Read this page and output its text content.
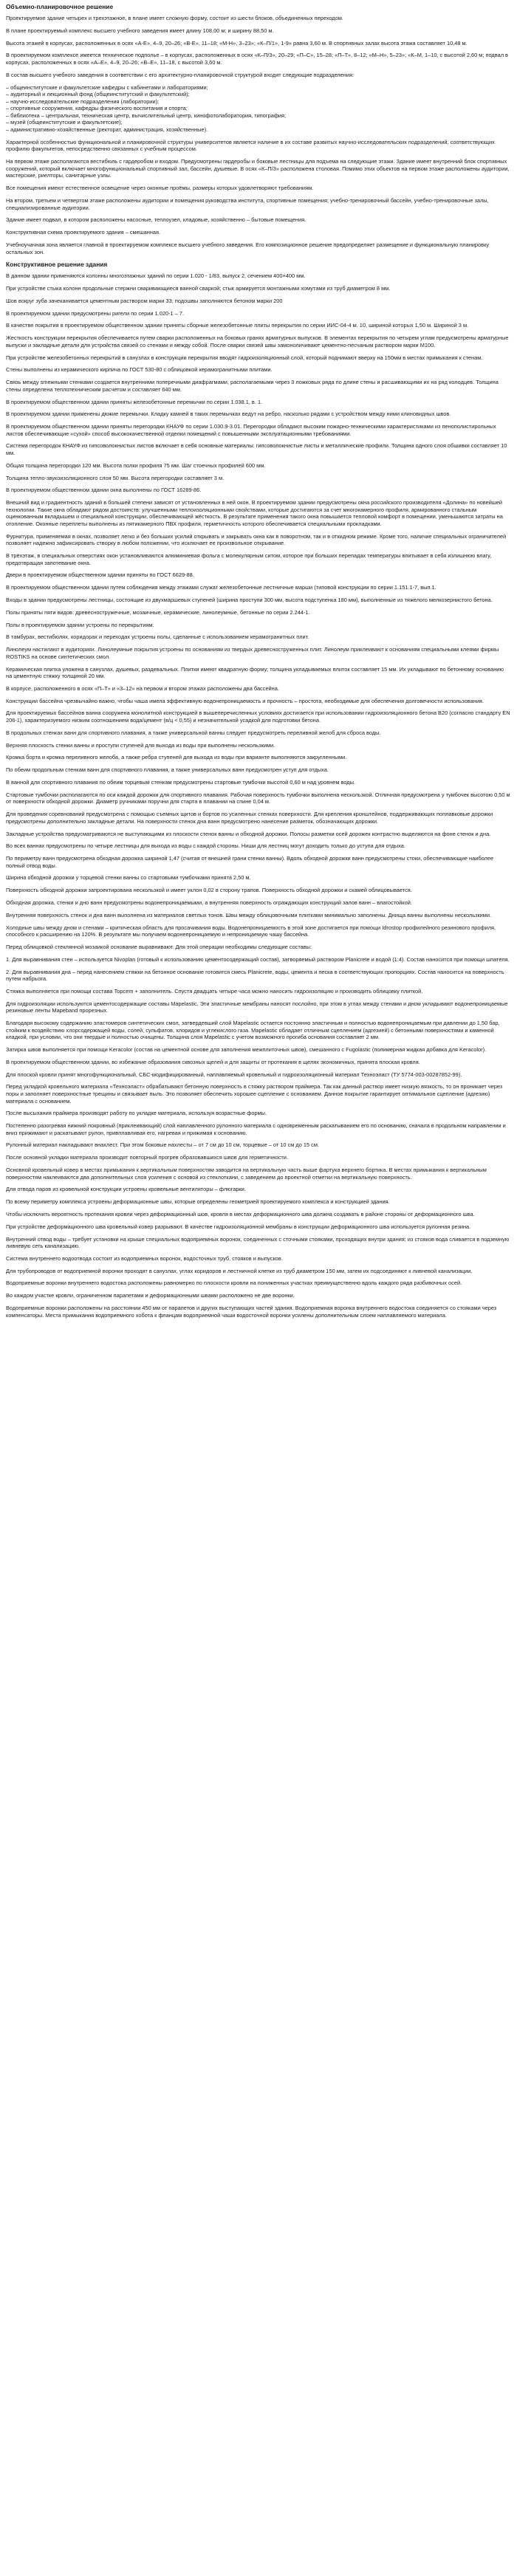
Объемно-планировочное решение

Проектируемое здание четырех и трехэтажное, в плане имеет сложную форму, состоит из шести блоков, объединенных переходом.

В плане проектируемый комплекс высшего учебного заведения имеет длину 108,00 м; и ширину 88,50 м.

Высота этажей в корпусах, расположенных в осях «А-Е», 4–9, 20–26; «В-Е», 11–18; «М-Н», 3–23»; «К–П/1», 1-9» равна 3,60 м. В спортивных залах высота этажа составляет 10,48 м.

В проектируемом комплексе имеется техническое подполье – в корпусах, расположенных в осях «К–П/3», 20–29; «П–С», 15–28; «П–Т», 8–12; «М–Н», 5–23»; «К–М, 1–10, с высотой 2,60 м; подвал в корпусах, расположенных в осях «А–Е», 4–9, 20–26; «В–Е», 11–18, с высотой 3,60 м.

В состав высшего учебного заведения в соответствии с его архитектурно-планировочной структурой входят следующие подразделения:

– общеинститутские и факультетские кафедры с кабинетами и лабораториями;
– аудиторный и лекционный фонд (общеинститутский и факультетский);
– научно-исследовательские подразделения (лаборатории);
– спортивные сооружения, кафедры физического воспитания и спорта;
– библиотека – центральная, техническая центр, вычислительный центр, кинофотолаборатория, типография;
– музей (общеинститутские и факультетские);
– административно-хозяйственные (ректорат, администрация, хозяйственные).

Характерной особенностью функциональной и планировочной структуры университетов является наличие в их составе развитых научно-исследовательских подразделений, соответствующих профилю факультетов, непосредственно связанных с учебным процессом.

На первом этаже располагаются вестибюль с гардеробом и входом. Предусмотрены гардеробы и боковые лестницы для подъема на следующие этажи. Здание имеет внутренний блок спортивных сооружений, который включает многофункциональный спортивный зал, бассейн, душевые. В осях «К–П/3» расположена столовая. Помимо этих объектов на первом этаже расположены аудитории, мастерские, риелторы, санитарные узлы.

Все помещения имеют естественное освещение через оконные проёмы, размеры которых удовлетворяют требованиям.

На втором, третьем и четвертом этаже расположены аудитории и помещения руководства института, спортивные помещения; учебно-тренировочный бассейн, учебно-тренировочные залы, специализированные аудитории.

Здание имеет подвал, в котором расположены насосные, теплоузел, кладовые, хозяйственно – бытовые помещения.

Конструктивная схема проектируемого здания – смешанная.

Учебноучачная зона является главной в проектируемом комплексе высшего учебного заведения. Его композиционное решение предопределяет размещение и функциональную планировку остальных зон.

Конструктивное решение здания

В данном здании применяются колонны многоэтажных зданий по серии 1.020 - 1/83, выпуск 2, сечением 400×400 мм.

При устройстве стыка колонн продольные стержни сваривающиеся ванной сваркой; стык армируется монтажными хомутами из труб диаметром 8 мм.

Шов вокруг зуба зачеканивается цементным раствором марки 33; подошвы заполняются бетоном марки 200

В проектируемом здании предусмотрены ригели по серии 1.020-1 – 7.

В качестве покрытия в проектируемом общественном здании приняты сборные железобетонные плиты перекрытия по серии ИИС-04-4 м. 10, шириной которых 1,50 м. Шириной 3 м.

Жесткость конструкции перекрытия обеспечивается путем сварки расположенных на боковых гранях арматурных выпусков. В элементах перекрытия по четырем углам предусмотрены арматурные выпуски и закладные детали для устройства связей со стенами и между собой. После сварки связей швы замоноличивают цементно-песчаным раствором марки М100.

При устройстве железобетонных перекрытий в санузлах в конструкции перекрытия вводят гидроизоляционный слой, который поднимают вверху на 150мм в местах примыкания к стенам.

Стены выполнены из керамического кирпича по ГОСТ 530-80 с облицовкой керамогранитными плитами.

Связь между smежными стенками создается внутренними поперечными диафрагмами, располагаемыми через 3 ложковых ряда по длине стены и расшивающими их на ряд колодцев. Толщина стены определена теплотехническим расчетом и составляет 640 мм.

В проектируемом общественном здании приняты железобетонные перемычки по серии 1.038.1, в. 1.

В проектируемом здании применены дюжие перемычки. Кладку камней в таких перемычках ведут на ребро, насколько рядами с устройством между ними клиновидных швов.

В проектируемом общественном здании приняты перегородки КНАУФ по серии 1.030.9-3.01. Перегородки обладают высоким пожарно-техническими характеристиками из пенополистирольных листов обеспечивающие «сухой» способ высококачественной отделки помещений с повышенными эксплуатационными требованиями.

Система перегородок КНАУФ из гипсоволокнистых листов включает в себя основные материалы: гипсоволокнистые листы и металлические профили. Толщина одного слоя обшивки составляет 10 мм.

Общая толщина перегородки 120 мм. Высота полки профиля 75 мм. Шаг стоечных профилей 600 мм.

Толщина тепло-звукоизоляционного слоя 50 мм. Высота перегородки составляет 3 м.

В проектируемом общественном здании окна выполнены по ГОСТ 16289-86.

Внешний вид и градиентность зданий в большей степени зависят от установленных в ней окон. В проектируемом здании предусмотрены окна российского производителя «Долина» по новейшей технологии. Такие окна обладают рядом достоинств: улучшенными теплоизоляционными свойствами, которые достигаются за счет многокамерного профиля, армированного стальным оцинкованным вкладышем и специальной конструкции, обеспечивающей жёсткость. В результате применения такого окна повышается тепловой комфорт в помещении, уменьшаются затраты на отопление. Оконные переплеты выполнены из пятикамерного ПВХ профиля, герметичность которого обеспечивается специальными прокладками.

Фурнитура, применяемая в окнах, позволяет легко и без больших усилий открывать и закрывать окна как в поворотном, так и в откидном режиме. Кроме того, наличие специальных ограничителей позволяет надежно зафиксировать створку в любом положении, что исключает ее произвольное открывание.

В трёхэтаж, в специальных отверстиях окон установливаются алюминиевая фольга с молекулярным ситом, которое при больших перепадах температуры впитывает в себя излишнюю влагу, предотвращая запотевание окна.

Двери в проектируемом общественном здании приняты по ГОСТ 6629-88.

В проектируемом общественном здании путем соблюдения между этажами служат железобетонные лестничные марши (типовой конструкции по серии 1.151.1-7, вып.1.

Входы в здании предусмотрены лестницы, состоящие из двухмаршевых ступеней (ширина проступи 300 мм, высота подступенка 180 мм), выполненные из тяжелого мелкозернистого бетона.

Полы приняты пяти видов: древесностружечные, мозаичные, керамические, линолеумные, бетонные по серии 2.244-1.

Полы в проектируемом здании устроены по перекрытиям.

В тамбурах, вестибюлях, коридорах и переходах устроены полы, сделанные с использованием керамогранитных плит.

Линолеум настилают в аудиториях. Линолеумные покрытия устроены по основаниям из твердых древесноструженных плит. Линолеум приклеивают к основаниям специальными клеями фирмы ROSTIKS на основе синтетических смол.

Керамическая плитка уложена в санузлах, душевых, раздевальных. Плитки имеют квадратную форму; толщина укладываемых плиток составляет 15 мм. Их укладывают по бетонному основанию на цементную стяжку толщиной 20 мм.

В корпусе, расположенного в осях «П–Т» и «3–12» на первом и втором этажах расположены два бассейна.

Конструкции бассейна чрезвычайно важно, чтобы чаша имела эффективную водонепроницаемость и прочность – простота, необходимые для обеспечения долговечности использования.

Для проектируемых бассейнов ванна сооружена монолитной конструкцией в вышеперечисленных условиях достигается при использовании гидроизоляционного бетона В20 (согласно стандарту EN 206-1), характеризуемого низким соотношением вода/цемент (в/ц < 0,55) и незначительной усадкой для подготовки бетона.

В продольных стенках ванн для спортивного плавания, а также универсальной ванны следует предусмотреть переливной желоб для сброса воды.

Верхняя плоскость стенки ванны и проступи ступеней для выхода из воды при выполнены нескользкими.

Кромка борта и кромка переливного желоба, а также ребра ступеней для выхода из воды при варианте выполняются закругленными.

По обеим продольным стенкам ванн для спортивного плавания, а также универсальных ванн предусмотрен уступ для отдыха.

В ванной для спортивного плавания по обеим торцевым стенкам предусмотрены стартовые тумбочки высотой 0,60 м над уровнем воды.

Стартовые тумбочки располагаются по оси каждой дорожки для спортивного плавания. Рабочая поверхность тумбочки выполнена нескользкой. Отличная предусмотрена у тумбочек высотою 0,50 м от поверхности обходной дорожки. Диаметр ручниками поручни для старта в плавании на спине 0,04 м.

Для проведения соревнований предусмотрена с помощью съемных щитов и бортов по усиленных стенках поверхности. Для крепления кронштейнов, поддерживающих поплавковые дорожки предусмотрены дополнительно закладные детали. На поверхности стенок дна ванн предусмотрено нанесение разметок, обозначающих дорожки.

Закладные устройства предусматриваются не выступающими из плоскости стенок ванны и обходной дорожки. Полосы разметки осей дорожек контрастно выделяются на фоне стенок и дна.

Во всех ваннах предусмотрены по четыре лестницы для выхода из воды с каждой стороны. Ниши для лестниц могут доходить только до уступа для отдыха.

По периметру ванн предусмотрена обходная дорожка шириной 1,47 (считая от внешней грани стенки ванны). Вдоль обходной дорожки ванн предусмотрены стоки, обеспечивающие наиболее полный отвод воды.

Ширина обходной дорожки у торцевой стенки ванны со стартовыми тумбочками принята 2,50 м.

Поверхность обходной дорожки запроектирована нескользкой и имеет уклон 0,02 в сторону трапов. Поверхность обходной дорожки и скамей облицовывается.

Обходная дорожка, стенки и дно ванн предусмотрены водонепроницаемыми, а внутренняя поверхность ограждающих конструкций залов ванн – влагостойкой.

Внутренняя поверхность стенок и дна ванн выполнена из материалов светлых тонов. Швы между облицовочными плитками минимально заполнены. Днища ванны выполнены нескользкими.

Холодные швы между дном и стенами – критическая область для просачивания воды. Водонепроницаемость в этой зоне достигается при помощи Idrostop профилейного резинового профиля, способного к расширению на 120%. В результате мы получаем водонепроницаемую и непроницаемую чашу бассейна.

Перед облицовкой стеклянной мозаикой основание выравнивают. Для этой операции необходимы следующие составы:

1. Для выравнивания стен – используется Nivoplan (готовый к использованию цементосодержащий состав), затворяемый раствором Planicrete и водой (1:4). Состав наносится при помощи шпателя.

2. Для выравнивания дна – перед нанесением стяжки на бетонное основание готовится смесь Planicrete, воды, цемента и песка в соответствующих пропорциях. Состав наносится на поверхность путем набрызга.

Стяжка выполняется при помощи состава Topcem + заполнитель. Спустя двадцать четыре часа можно наносить гидроизоляцию и производить облицовку плиткой.

Для гидроизоляции используются цементосодержащие составы Mapelastic. Эти эластичные мембраны наносят послойно, при этом в углах между стенами и дном укладывают водонепроницаемые резиновые ленты Mapeband прорезных.

Благодаря высокому содержанию эластомеров синтетических смол, затвердевший слой Mapelastic остается постоянно эластичным и полностью водонепроницаемым при давлении до 1,50 бар, стойким к воздействию хлорсодержащей воды, солей, сульфатов, хлоридов и углекислого газа. Mapelastic обладает отличным сцеплением (адгезией) с бетонными поверхностями и каменной кладкой, при условии, что они твердые и полностью очищены. Толщина слоя Mapelastic с учетом возможного прогиба основания составляет 2 мм.

Затирка швов выполняется при помощи Keracolor (состав на цементной основе для заполнения межплиточных швов), смешанного с Fugolastic (полимерная жидкая добавка для Keracolor).

В проектируемом общественном здании, во избежание образования сквозных щелей и для защиты от протекания в щелях экономичных, принята плоская кровля.

Для плоской кровли принят многофункциональный, СБС-модифицированный, наплавляемый кровельный и гидроизоляционный материал Техноэласт (ТУ 5774-003-00287852-99).

Перед укладкой кровельного материала «Техноэласт» обрабатывают бетонную поверхность в стяжку раствором праймера. Так как данный раствор имеет низкую вязкость, то он проникает через поры и заполняет поверхностные трещины и связывает пыль. Это позволяет обеспечить хорошее сцепление с основанием. Данное покрытие гарантирует оптимальное сцепление (адгезию) материала с основанием.

После высыхания праймера производят работу по укладке материала, используя возрастные формы.

Постепенно разогревая нижний покровный (приклеивающий) слой наплавленного рулонного материала с одновременным раскатыванием его по основанию, сначала в продольном направлении и вниз прижимают и раскатывают рулон, привплавливая его, нагревая и прижимая к основанию.

Рулонный материал накладывают внахлест. При этом боковые нахлесты – от 7 см до 10 см, торцевые – от 10 см до 15 см.

После основной укладки материала производят повторный прогрев образовавшихся швов для герметичности.

Основной кровельный ковер в местах примыкания к вертикальным поверхностям заводится на вертикальную часть выше фартука верхнего бортика. В местах примыкания к вертикальным поверхностям наклеиваются два дополнительных слоя усиления с основой из стеклоткани, с заведением до проектной отметки на вертикальную поверхность.

Для отвода паров из кровельной конструкции устроены кровельные вентиляторы – флюгарки.

По всему периметру комплекса устроены деформационные швы, которые определены геометрией проектируемого комплекса и конструкцией здания.

Чтобы исключить вероятность протекания кровли через деформационный шов, кровля в местах деформационного шва должна создавать в районе стороны от деформационного шва.

При устройстве деформационного шва кровельный ковер разрывают. В качестве гидроизоляционной мембраны в конструкции деформационного шва используется рулонная резина.

Внутренний отвод воды – требует установки на крыше специальных водоприемных воронок, соединенных с сточными стояками, проходящих внутри здания; из стояков вода сливается в подземную ливневую сеть канализацию.

Система внутреннего водоотвода состоит из водоприемных воронок, водосточных труб, стояков и выпусков.

Для трубопроводов от водоприемной воронки проходят в санузлах, углах коридоров и лестничной клетке из труб диаметром 150 мм, затем их подсоединяют к ливневой канализации.

Водоприемные воронки внутреннего водостока расположены равномерно по плоскости кровли на пониженных участках преимущественно вдоль каждого ряда разбивочных осей.

Во каждом участке кровли, ограниченном парапетами и деформационными швами расположено не две воронки.

Водоприемные воронки расположены на расстоянии 450 мм от парапетов и других выступающих частей здания. Водоприемная воронка внутреннего водостока соединяется со стояками через компенсаторы. Места примыкания водоприемного хобота к фланцам водоприемной чаши водосточной воронки усилены дополнительным слоем наплавляемого материала.
